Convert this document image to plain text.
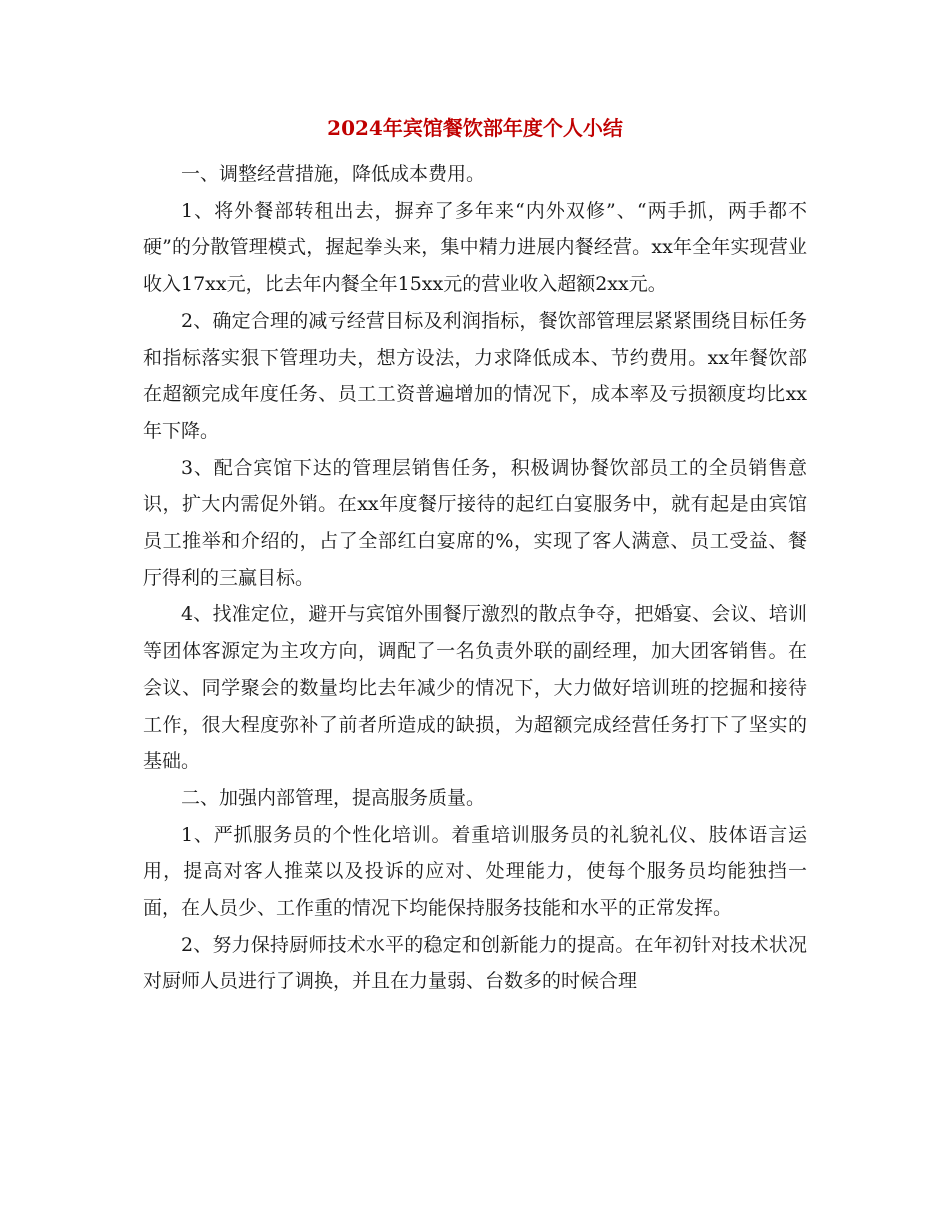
2024年宾馆餐饮部年度个人小结

一、调整经营措施，降低成本费用。

1、将外餐部转租出去，摒弃了多年来“内外双修”、“两手抓，两手都不硬”的分散管理模式，握起拳头来，集中精力进展内餐经营。xx年全年实现营业收入17xx元，比去年内餐全年15xx元的营业收入超额2xx元。

2、确定合理的减亏经营目标及利润指标，餐饮部管理层紧紧围绕目标任务和指标落实狠下管理功夫，想方设法，力求降低成本、节约费用。xx年餐饮部在超额完成年度任务、员工工资普遍增加的情况下，成本率及亏损额度均比xx年下降。

3、配合宾馆下达的管理层销售任务，积极调协餐饮部员工的全员销售意识，扩大内需促外销。在xx年度餐厅接待的起红白宴服务中，就有起是由宾馆员工推举和介绍的，占了全部红白宴席的%，实现了客人满意、员工受益、餐厅得利的三赢目标。

4、找准定位，避开与宾馆外围餐厅激烈的散点争夺，把婚宴、会议、培训等团体客源定为主攻方向，调配了一名负责外联的副经理，加大团客销售。在会议、同学聚会的数量均比去年减少的情况下，大力做好培训班的挖掘和接待工作，很大程度弥补了前者所造成的缺损，为超额完成经营任务打下了坚实的基础。

二、加强内部管理，提高服务质量。

1、严抓服务员的个性化培训。着重培训服务员的礼貌礼仪、肢体语言运用，提高对客人推菜以及投诉的应对、处理能力，使每个服务员均能独挡一面，在人员少、工作重的情况下均能保持服务技能和水平的正常发挥。

2、努力保持厨师技术水平的稳定和创新能力的提高。在年初针对技术状况对厨师人员进行了调换，并且在力量弱、台数多的时候合理
